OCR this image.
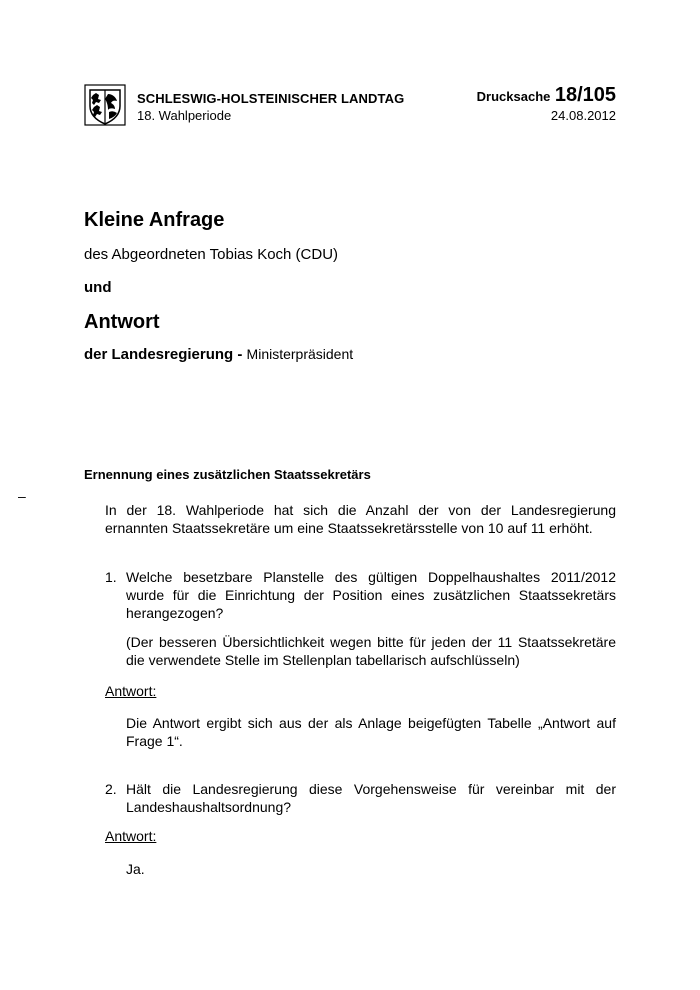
SCHLESWIG-HOLSTEINISCHER LANDTAG
18. Wahlperiode
Drucksache 18/105
24.08.2012
Kleine Anfrage
des Abgeordneten Tobias Koch (CDU)
und
Antwort
der Landesregierung - Ministerpräsident
Ernennung eines zusätzlichen Staatssekretärs
–
In der 18. Wahlperiode hat sich die Anzahl der von der Landesregierung ernannten Staatssekretäre um eine Staatssekretärsstelle von 10 auf 11 erhöht.
1. Welche besetzbare Planstelle des gültigen Doppelhaushaltes 2011/2012 wurde für die Einrichtung der Position eines zusätzlichen Staatssekretärs herangezogen?
(Der besseren Übersichtlichkeit wegen bitte für jeden der 11 Staatssekretäre die verwendete Stelle im Stellenplan tabellarisch aufschlüsseln)
Antwort:
Die Antwort ergibt sich aus der als Anlage beigefügten Tabelle „Antwort auf Frage 1“.
2. Hält die Landesregierung diese Vorgehensweise für vereinbar mit der Landeshaushaltsordnung?
Antwort:
Ja.
